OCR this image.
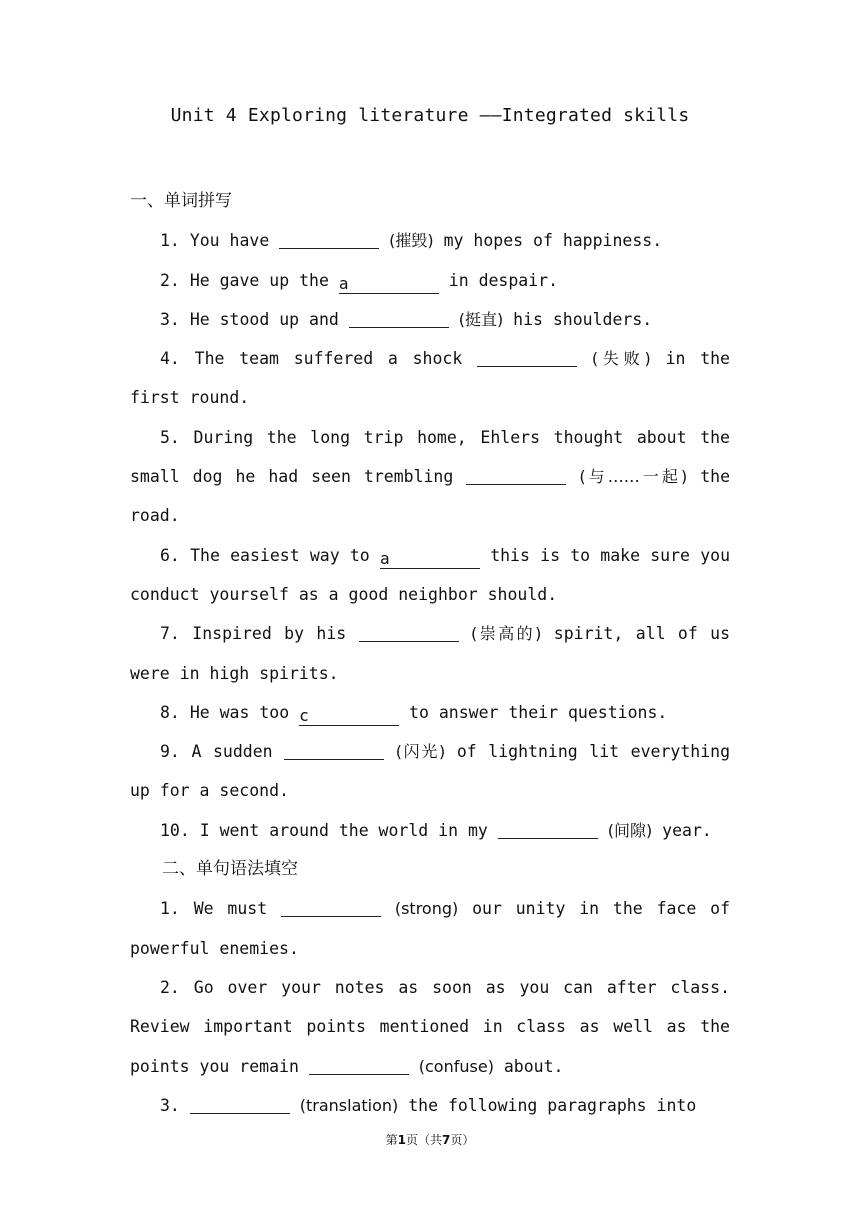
Unit 4 Exploring literature ——Integrated skills

一、单词拼写

1. You have	(摧毁) my hopes of happiness.

2. He gave up the a	in despair.

3. He stood up and	(挺直) his shoulders.

4. The team suffered a shock	(失败) in the first round.

5. During the long trip home, Ehlers thought about the small dog he had seen trembling	(与……一起) the road.

6. The easiest way to a	this is to make sure you conduct yourself as a good neighbor should.

7. Inspired by his	(崇高的) spirit, all of us were in high spirits.

8. He was too c	to answer their questions.

9. A sudden	(闪光) of lightning lit everything up for a second.

10. I went around the world in my	(间隙) year.

二、单句语法填空

1. We must	(strong) our unity in the face of powerful enemies.

2. Go over your notes as soon as you can after class. Review important points mentioned in class as well as the points you remain	(confuse) about.

3.	(translation) the following paragraphs into

第1页（共7页）
